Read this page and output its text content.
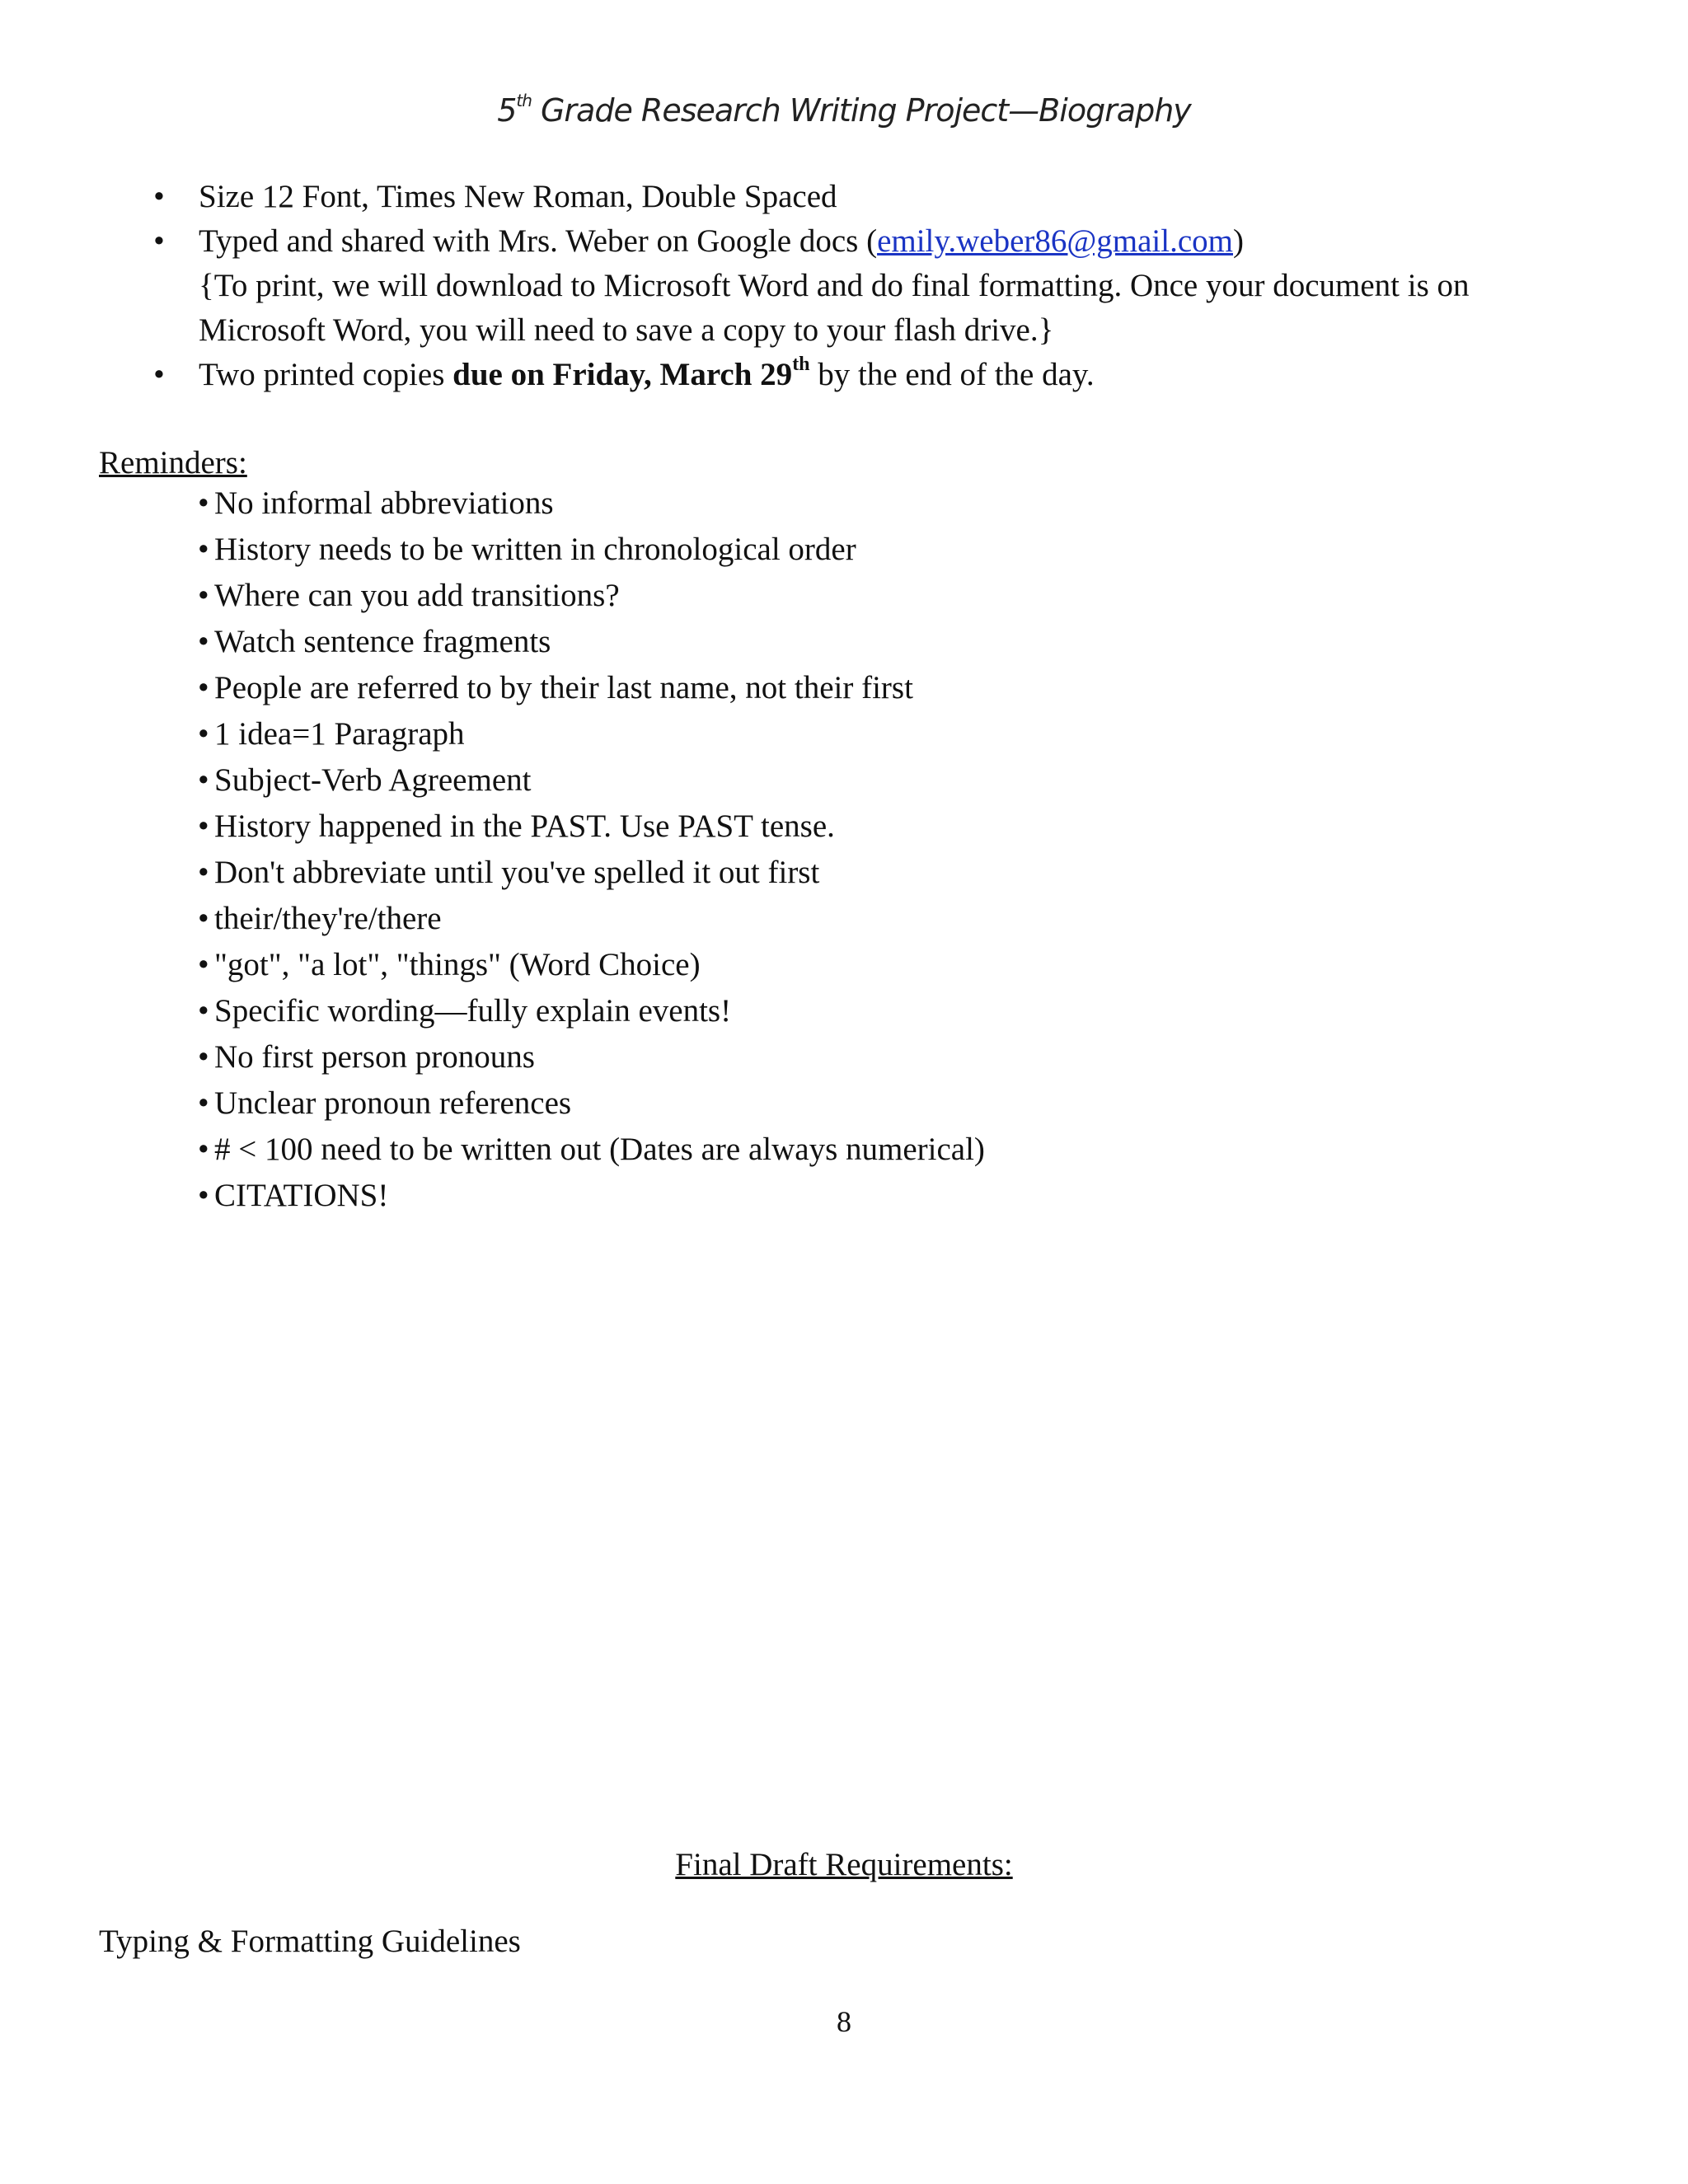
5th Grade Research Writing Project—Biography
• Size 12 Font, Times New Roman, Double Spaced
• Typed and shared with Mrs. Weber on Google docs (emily.weber86@gmail.com)
{To print, we will download to Microsoft Word and do final formatting. Once your document is on Microsoft Word, you will need to save a copy to your flash drive.}
• Two printed copies due on Friday, March 29th by the end of the day.
Reminders:
• No informal abbreviations
• History needs to be written in chronological order
• Where can you add transitions?
• Watch sentence fragments
• People are referred to by their last name, not their first
• 1 idea=1 Paragraph
• Subject-Verb Agreement
• History happened in the PAST. Use PAST tense.
• Don't abbreviate until you've spelled it out first
• their/they're/there
• "got", "a lot", "things" (Word Choice)
• Specific wording—fully explain events!
• No first person pronouns
• Unclear pronoun references
• # < 100 need to be written out (Dates are always numerical)
• CITATIONS!
Final Draft Requirements:

Typing & Formatting Guidelines

8
